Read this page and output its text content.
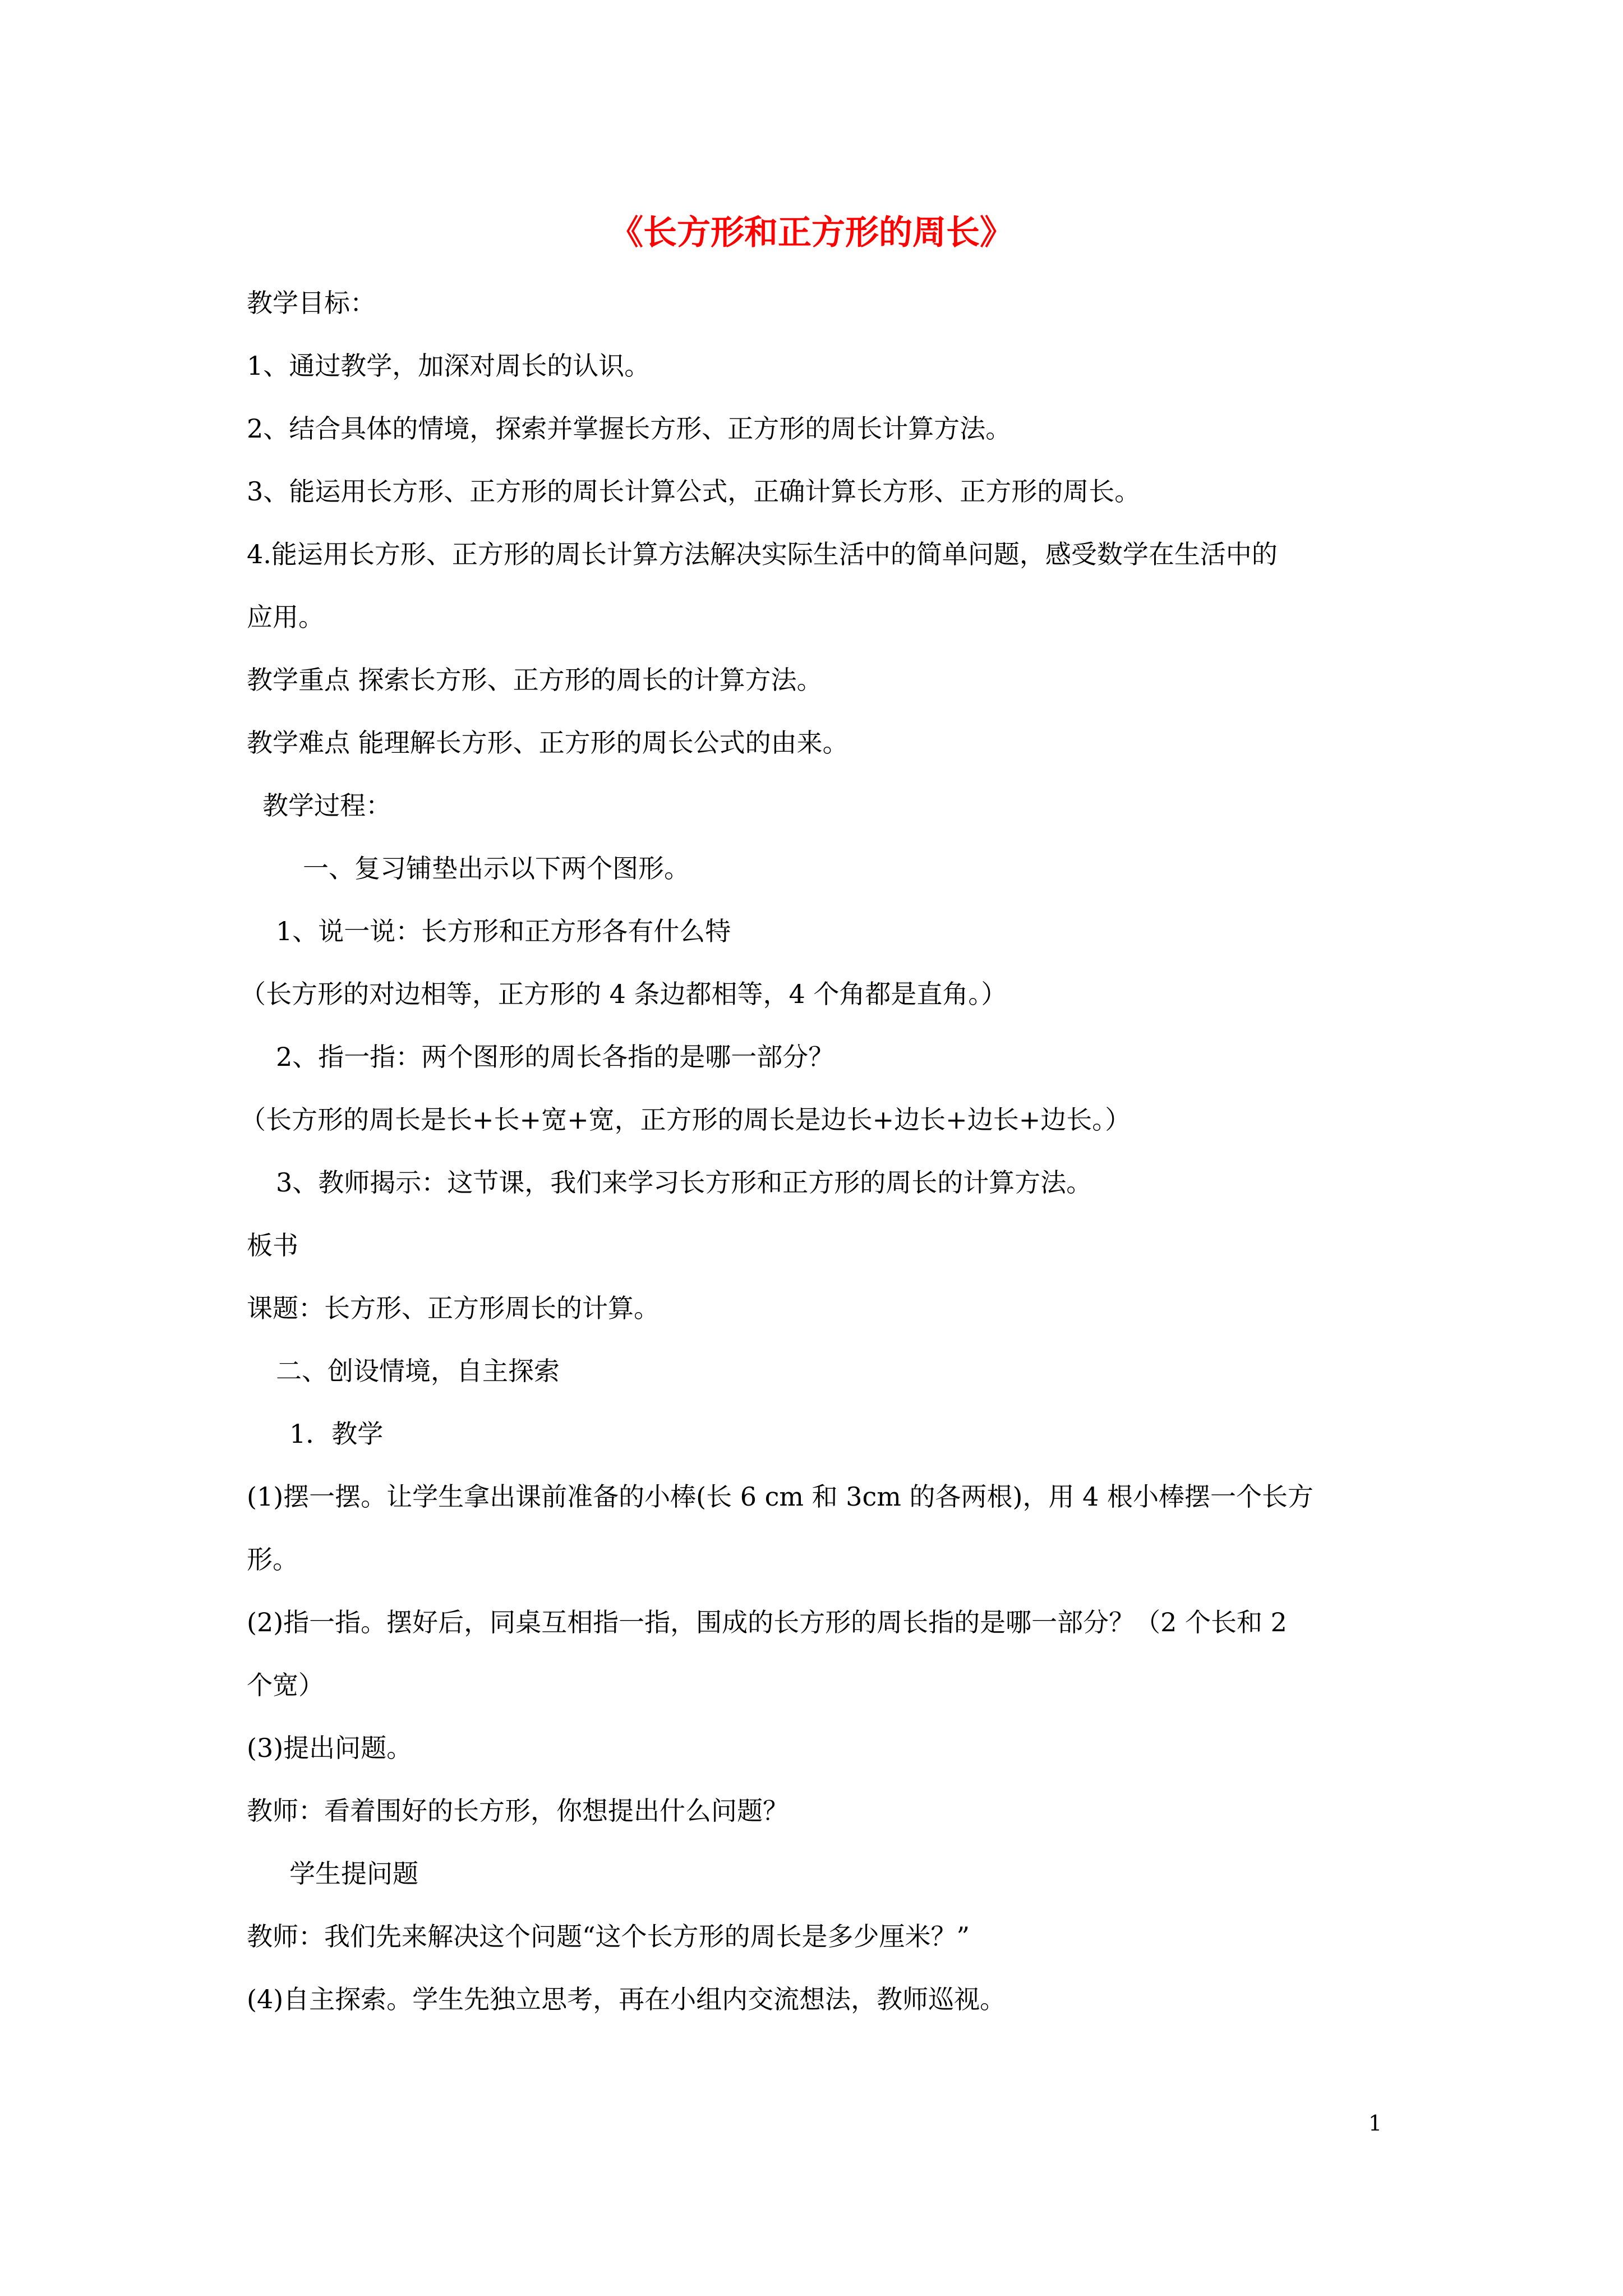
《长方形和正方形的周长》
教学目标：
1、通过教学，加深对周长的认识。
2、结合具体的情境，探索并掌握长方形、正方形的周长计算方法。
3、能运用长方形、正方形的周长计算公式，正确计算长方形、正方形的周长。
4.能运用长方形、正方形的周长计算方法解决实际生活中的简单问题，感受数学在生活中的
应用。
教学重点 探索长方形、正方形的周长的计算方法。
教学难点 能理解长方形、正方形的周长公式的由来。
教学过程：
一、复习铺垫出示以下两个图形。
1、说一说：长方形和正方形各有什么特
（长方形的对边相等，正方形的 4 条边都相等，4 个角都是直角。）
2、指一指：两个图形的周长各指的是哪一部分？
（长方形的周长是长+长+宽+宽，正方形的周长是边长+边长+边长+边长。）
3、教师揭示：这节课，我们来学习长方形和正方形的周长的计算方法。
板书
课题：长方形、正方形周长的计算。
二、创设情境，自主探索
1．教学
(1)摆一摆。让学生拿出课前准备的小棒(长 6 cm 和 3cm 的各两根)，用 4 根小棒摆一个长方
形。
(2)指一指。摆好后，同桌互相指一指，围成的长方形的周长指的是哪一部分？（2 个长和 2
个宽）
(3)提出问题。
教师：看着围好的长方形，你想提出什么问题？
学生提问题
教师：我们先来解决这个问题“这个长方形的周长是多少厘米？”
(4)自主探索。学生先独立思考，再在小组内交流想法，教师巡视。
1
